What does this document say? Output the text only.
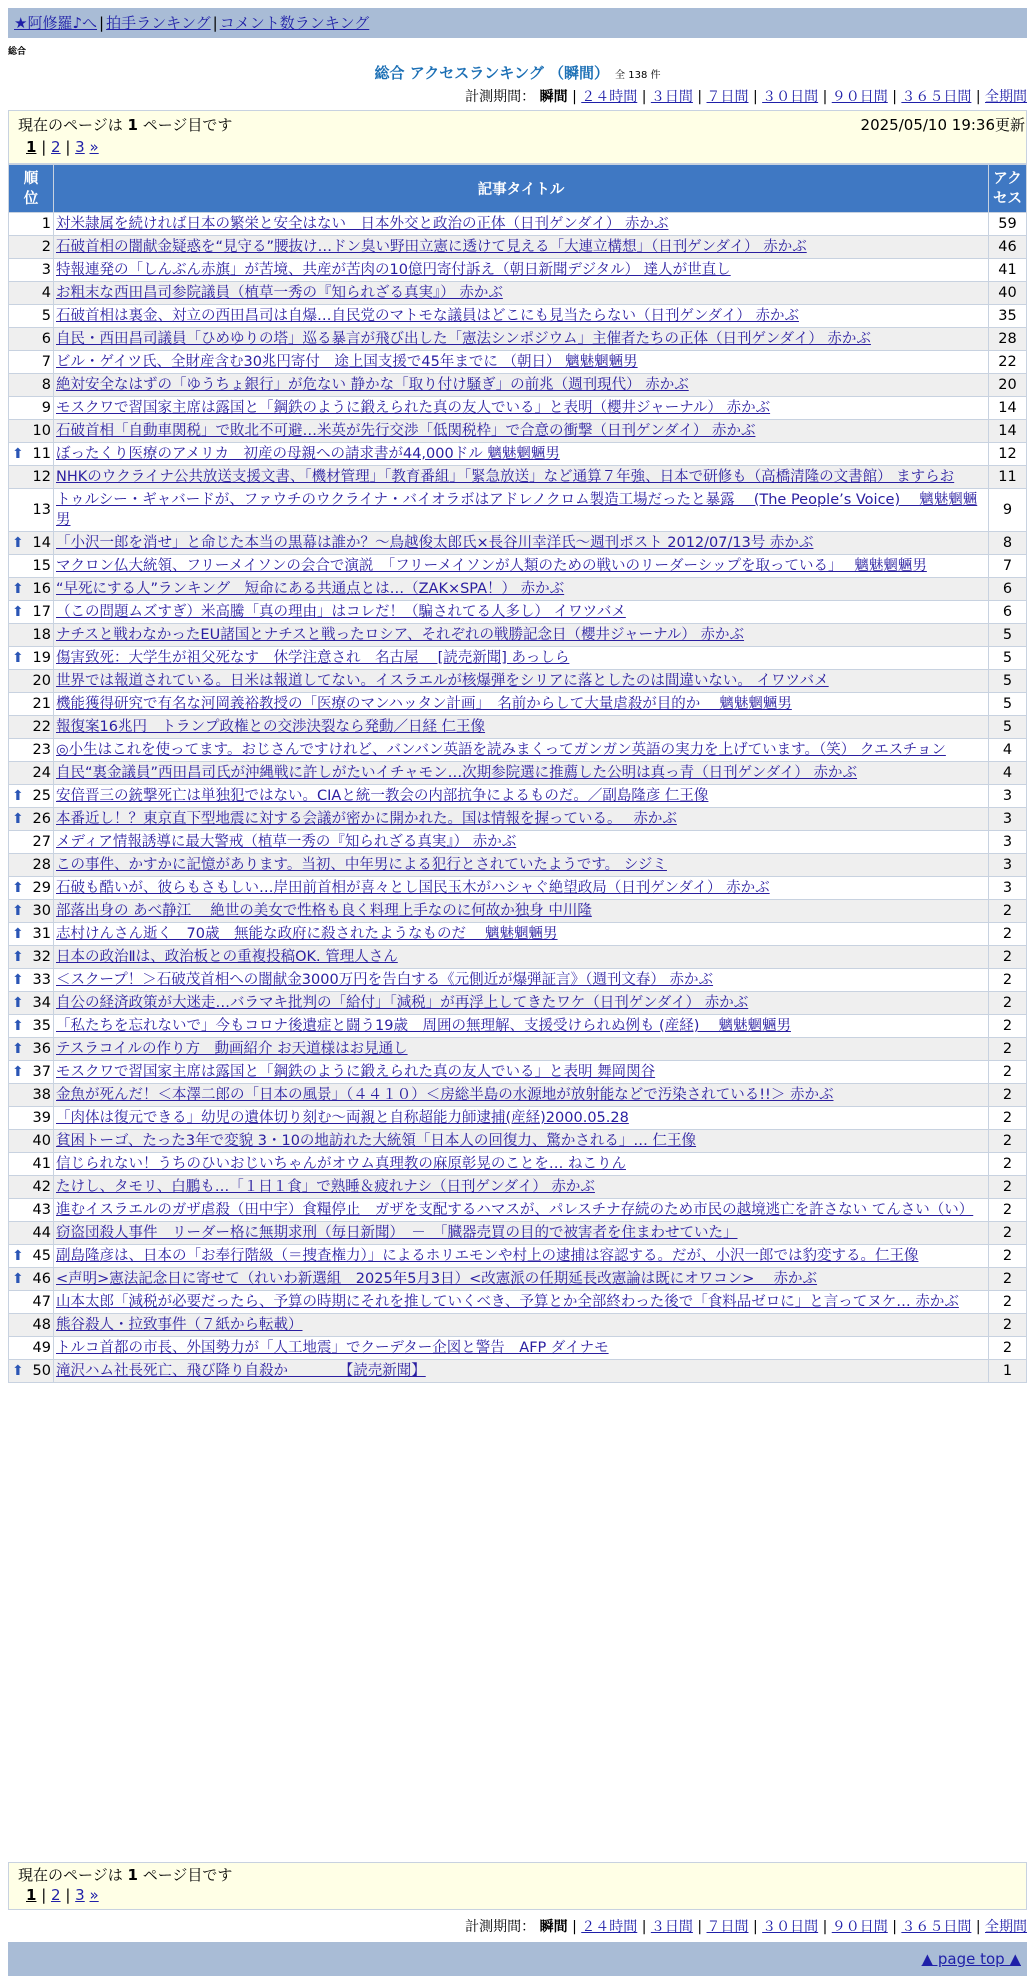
★阿修羅♪へ | 拍手ランキング | コメント数ランキング
総合
総合 アクセスランキング （瞬間） 全 138 件
計測期間： 瞬間 | ２４時間 | ３日間 | ７日間 | ３０日間 | ９０日間 | ３６５日間 | 全期間
現在のページは 1 ページ目です	2025/05/10 19:36更新
1 | 2 | 3 »
順位	記事タイトル	アクセス
1	対米隷属を続ければ日本の繁栄と安全はない　日本外交と政治の正体（日刊ゲンダイ） 赤かぶ	59
2	石破首相の闇献金疑惑を“見守る”腰抜け…ドン臭い野田立憲に透けて見える「大連立構想」（日刊ゲンダイ） 赤かぶ	46
3	特報連発の「しんぶん赤旗」が苦境、共産が苦肉の10億円寄付訴え（朝日新聞デジタル） 達人が世直し	41
4	お粗末な西田昌司参院議員（植草一秀の『知られざる真実』） 赤かぶ	40
5	石破首相は裏金、対立の西田昌司は自爆…自民党のマトモな議員はどこにも見当たらない（日刊ゲンダイ） 赤かぶ	35
6	自民・西田昌司議員「ひめゆりの塔」巡る暴言が飛び出した「憲法シンポジウム」主催者たちの正体（日刊ゲンダイ） 赤かぶ	28
7	ビル・ゲイツ氏、全財産含む30兆円寄付　途上国支援で45年までに （朝日） 魑魅魍魎男	22
8	絶対安全なはずの「ゆうちょ銀行」が危ない 静かな「取り付け騒ぎ」の前兆（週刊現代） 赤かぶ	20
9	モスクワで習国家主席は露国と「鋼鉄のように鍛えられた真の友人でいる」と表明（櫻井ジャーナル） 赤かぶ	14
10	石破首相「自動車関税」で敗北不可避…米英が先行交渉「低関税枠」で合意の衝撃（日刊ゲンダイ） 赤かぶ	14

⬆ 11	ぼったくり医療のアメリカ　初産の母親への請求書が44,000ドル 魑魅魍魎男	12
12	NHKのウクライナ公共放送支援文書、「機材管理」「教育番組」「緊急放送」など通算７年強、日本で研修も（高橋清隆の文書館） ますらお	11
13	トゥルシー・ギャバードが、ファウチのウクライナ・バイオラボはアドレノクロム製造工場だったと暴露 　(The People’s Voice)　 魑魅魍魎男	9

⬆ 14	「小沢一郎を消せ」と命じた本当の黒幕は誰か？～鳥越俊太郎氏×長谷川幸洋氏～週刊ポスト 2012/07/13号 赤かぶ	8
15	マクロン仏大統領、フリーメイソンの会合で演説　「フリーメイソンが人類のための戦いのリーダーシップを取っている」　 魑魅魍魎男	7

⬆ 16	“早死にする人”ランキング　短命にある共通点とは…（ZAK×SPA！） 赤かぶ	6

⬆ 17	（この問題ムズすぎ）米高騰「真の理由」はコレだ！（騙されてる人多し） イワツバメ	6
18	ナチスと戦わなかったEU諸国とナチスと戦ったロシア、それぞれの戦勝記念日（櫻井ジャーナル） 赤かぶ	5

⬆ 19	傷害致死：大学生が祖父死なす　休学注意され　名古屋　 [読売新聞] あっしら	5
20	世界では報道されている。日米は報道してない。イスラエルが核爆弾をシリアに落としたのは間違いない。 イワツバメ	5
21	機能獲得研究で有名な河岡義裕教授の「医療のマンハッタン計画」　名前からして大量虐殺が目的か　 魑魅魍魎男	5
22	報復案16兆円　トランプ政権との交渉決裂なら発動／日経 仁王像	5
23	◎小生はこれを使ってます。おじさんですけれど、バンバン英語を読みまくってガンガン英語の実力を上げています。（笑） クエスチョン	4
24	自民“裏金議員”西田昌司氏が沖縄戦に許しがたいイチャモン…次期参院選に推薦した公明は真っ青（日刊ゲンダイ） 赤かぶ	4

⬆ 25	安倍晋三の銃撃死亡は単独犯ではない。CIAと統一教会の内部抗争によるものだ。／副島隆彦 仁王像	3

⬆ 26	本番近し！？東京直下型地震に対する会議が密かに開かれた。国は情報を握っている。　 赤かぶ	3
27	メディア情報誘導に最大警戒（植草一秀の『知られざる真実』） 赤かぶ	3
28	この事件、かすかに記憶があります。当初、中年男による犯行とされていたようです。 シジミ	3

⬆ 29	石破も酷いが、彼らもさもしい…岸田前首相が喜々とし国民玉木がハシャぐ絶望政局（日刊ゲンダイ） 赤かぶ	3

⬆ 30	部落出身の あべ静江 　絶世の美女で性格も良く料理上手なのに何故か独身 中川隆	2

⬆ 31	志村けんさん逝く　70歳　無能な政府に殺されたようなものだ　 魑魅魍魎男	2

⬆ 32	日本の政治Ⅱは、政治板との重複投稿OK. 管理人さん	2

⬆ 33	＜スクープ！＞石破茂首相への闇献金3000万円を告白する《元側近が爆弾証言》（週刊文春） 赤かぶ	2

⬆ 34	自公の経済政策が大迷走…バラマキ批判の「給付」「減税」が再浮上してきたワケ（日刊ゲンダイ） 赤かぶ	2

⬆ 35	「私たちを忘れないで」今もコロナ後遺症と闘う19歳　周囲の無理解、支援受けられぬ例も (産経)　 魑魅魍魎男	2

⬆ 36	テスラコイルの作り方　動画紹介 お天道様はお見通し	2

⬆ 37	モスクワで習国家主席は露国と「鋼鉄のように鍛えられた真の友人でいる」と表明 舞岡関谷	2
38	金魚が死んだ！＜本澤二郎の「日本の風景」（４４１０）＜房総半島の水源地が放射能などで汚染されている!!＞ 赤かぶ	2
39	「肉体は復元できる」幼児の遺体切り刻む～両親と自称超能力師逮捕(産経)2000.05.28	2
40	貧困トーゴ、たった3年で変貌 3・10の地訪れた大統領「日本人の回復力、驚かされる」… 仁王像	2
41	信じられない！うちのひいおじいちゃんがオウム真理教の麻原彰晃のことを… ねこりん	2
42	たけし、タモリ、白鵬も…「１日１食」で熟睡＆疲れナシ（日刊ゲンダイ） 赤かぶ	2
43	進むイスラエルのガザ虐殺（田中宇）食糧停止　ガザを支配するハマスが、パレスチナ存続のため市民の越境逃亡を許さない てんさい（い）	2
44	窃盗団殺人事件　リーダー格に無期求刑（毎日新聞）　－　「臓器売買の目的で被害者を住まわせていた」	2

⬆ 45	副島隆彦は、日本の「お奉行階級（＝捜査権力）」によるホリエモンや村上の逮捕は容認する。だが、小沢一郎では豹変する。仁王像	2

⬆ 46	<声明>憲法記念日に寄せて（れいわ新選組　2025年5月3日）<改憲派の任期延長改憲論は既にオワコン>　 赤かぶ	2
47	山本太郎「減税が必要だったら、予算の時期にそれを推していくべき、予算とか全部終わった後で「食料品ゼロに」と言ってヌケ… 赤かぶ	2
48	熊谷殺人・拉致事件（７紙から転載）	2
49	トルコ首都の市長、外国勢力が「人工地震」でクーデター企図と警告　AFP ダイナモ	2

⬆ 50	滝沢ハム社長死亡、飛び降り自殺か　　　　【読売新聞】	1
現在のページは 1 ページ目です
1 | 2 | 3 »
計測期間： 瞬間 | ２４時間 | ３日間 | ７日間 | ３０日間 | ９０日間 | ３６５日間 | 全期間
▲ page top ▲
